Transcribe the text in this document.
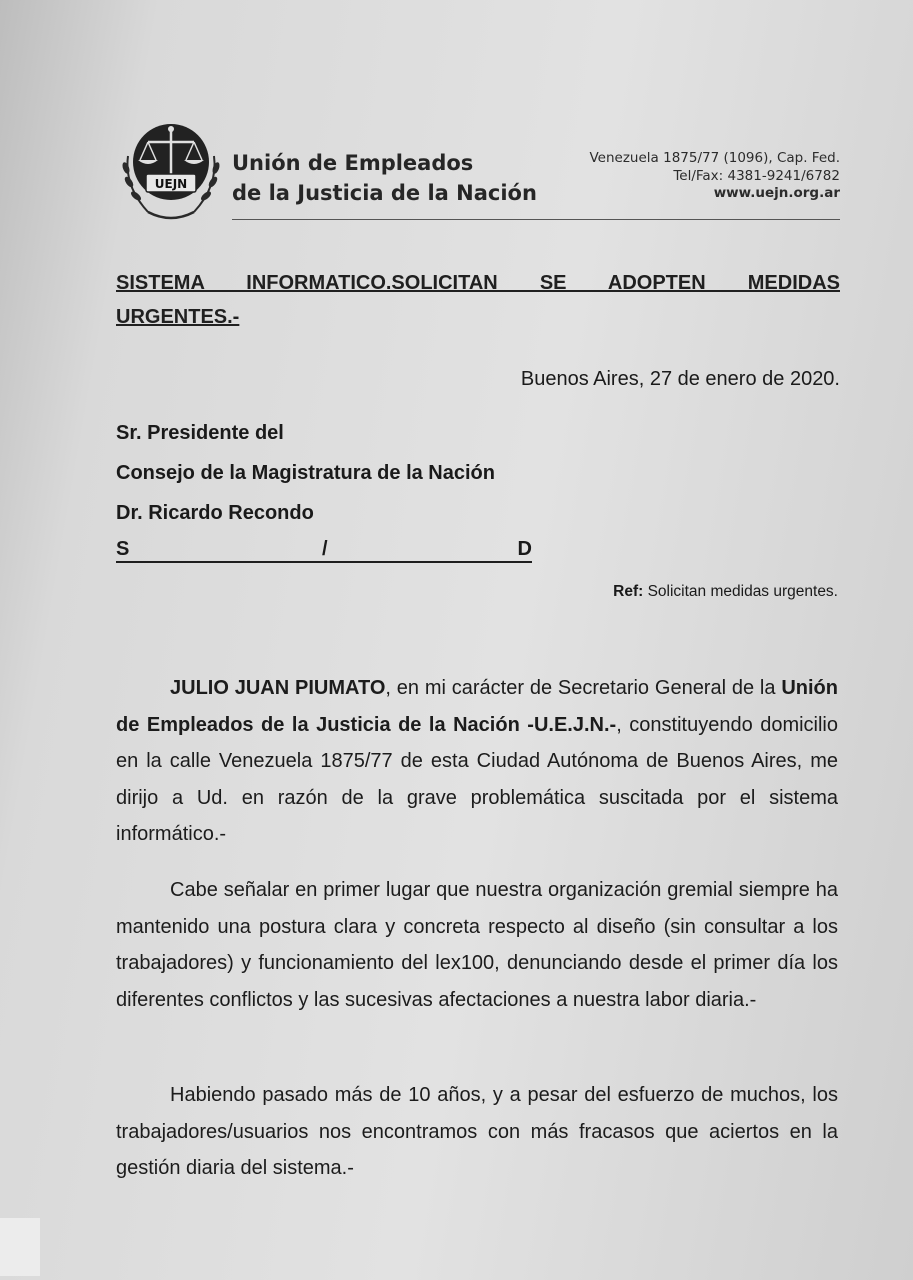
UEJN
Unión de Empleados
de la Justicia de la Nación
Venezuela 1875/77 (1096), Cap. Fed.
Tel/Fax: 4381-9241/6782
www.uejn.org.ar
SISTEMA INFORMATICO.SOLICITAN SE ADOPTEN MEDIDAS
URGENTES.-
Buenos Aires, 27 de enero de 2020.
Sr. Presidente del
Consejo de la Magistratura de la Nación
Dr. Ricardo Recondo
S	/	D
Ref: Solicitan medidas urgentes.
JULIO JUAN PIUMATO, en mi carácter de Secretario General de la Unión de Empleados de la Justicia de la Nación -U.E.J.N.-, constituyendo domicilio en la calle Venezuela 1875/77 de esta Ciudad Autónoma de Buenos Aires, me dirijo a Ud. en razón de la grave problemática suscitada por el sistema informático.-
Cabe señalar en primer lugar que nuestra organización gremial siempre ha mantenido una postura clara y concreta respecto al diseño (sin consultar a los trabajadores) y funcionamiento del lex100, denunciando desde el primer día los diferentes conflictos y las sucesivas afectaciones a nuestra labor diaria.-
Habiendo pasado más de 10 años, y a pesar del esfuerzo de muchos, los trabajadores/usuarios nos encontramos con más fracasos que aciertos en la gestión diaria del sistema.-
